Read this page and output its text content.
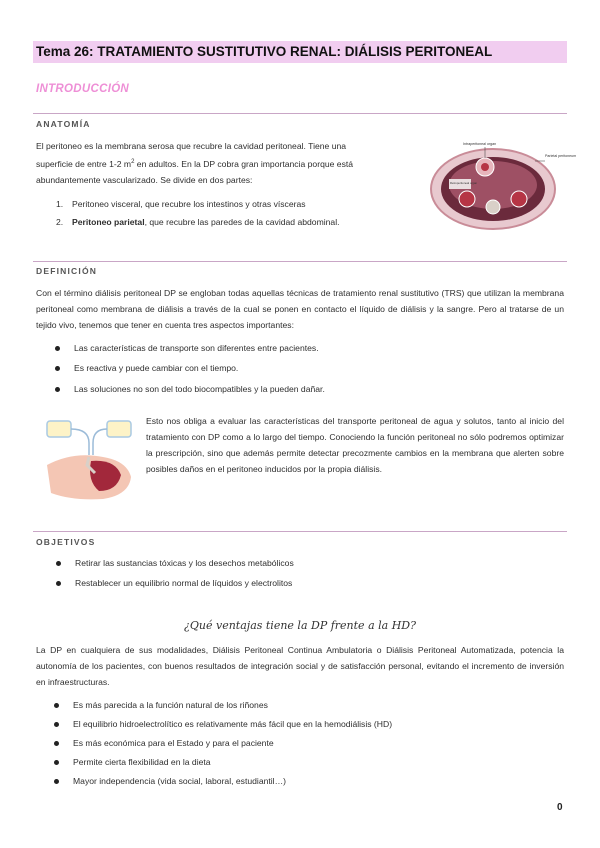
Tema 26: TRATAMIENTO SUSTITUTIVO RENAL: DIÁLISIS PERITONEAL
INTRODUCCIÓN
ANATOMÍA

El peritoneo es la membrana serosa que recubre la cavidad peritoneal. Tiene una
superficie de entre 1-2 $m^2$ en adultos. En la DP cobra gran importancia porque está
abundantemente vascularizado. Se divide en dos partes:

1. Peritoneo visceral, que recubre los intestinos y otras vísceras
2. Peritoneo parietal, que recubre las paredes de la cavidad abdominal.
Intraperitoneal organ
Parietal peritoneum
Retroperitoneal organ
DEFINICIÓN

Con el término diálisis peritoneal DP se engloban todas aquellas técnicas de tratamiento renal sustitutivo (TRS) que utilizan la membrana peritoneal como membrana de diálisis a través de la cual se ponen en contacto el líquido de diálisis y la sangre. Pero al tratarse de un tejido vivo, tenemos que tener en cuenta tres aspectos importantes:

Las características de transporte son diferentes entre pacientes.
Es reactiva y puede cambiar con el tiempo.
Las soluciones no son del todo biocompatibles y la pueden dañar.

Esto nos obliga a evaluar las características del transporte peritoneal de agua y solutos, tanto al inicio del tratamiento con DP como a lo largo del tiempo. Conociendo la función peritoneal no sólo podremos optimizar la prescripción, sino que además permite detectar precozmente cambios en la membrana que alerten sobre posibles daños en el peritoneo inducidos por la propia diálisis.

OBJETIVOS
Retirar las sustancias tóxicas y los desechos metabólicos
Restablecer un equilibrio normal de líquidos y electrolitos
¿Qué ventajas tiene la DP frente a la HD?

La DP en cualquiera de sus modalidades, Diálisis Peritoneal Continua Ambulatoria o Diálisis Peritoneal Automatizada, potencia la autonomía de los pacientes, con buenos resultados de integración social y de satisfacción personal, evitando el incremento de inversión en infraestructuras.

Es más parecida a la función natural de los riñones
El equilibrio hidroelectrolítico es relativamente más fácil que en la hemodiálisis (HD)
Es más económica para el Estado y para el paciente
Permite cierta flexibilidad en la dieta
Mayor independencia (vida social, laboral, estudiantil…)
0
